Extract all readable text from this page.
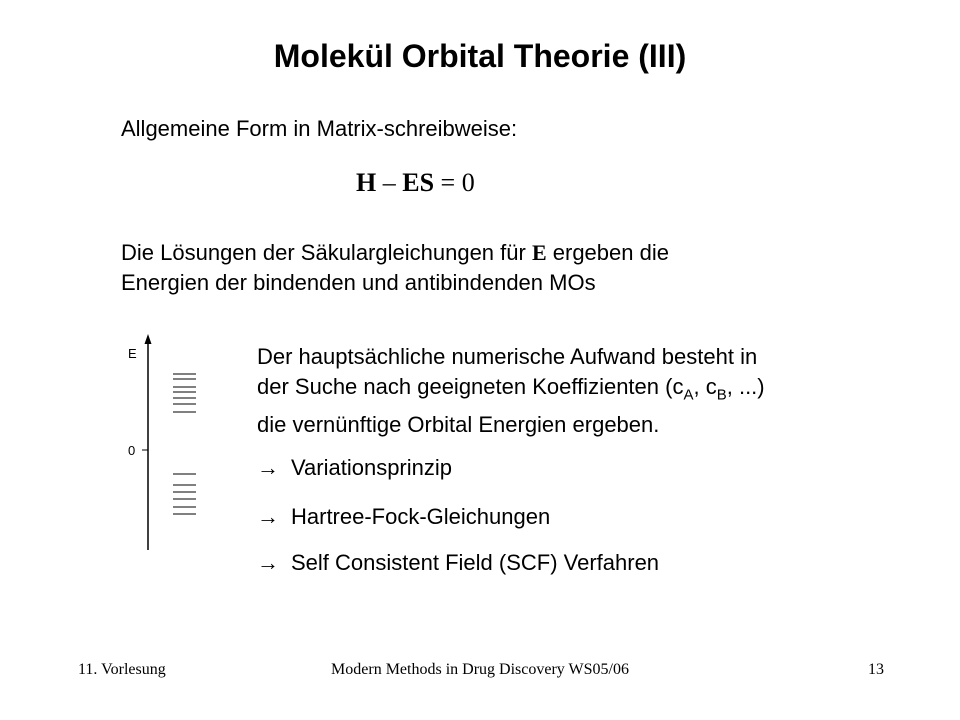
Molekül Orbital Theorie (III)
Allgemeine Form in Matrix-schreibweise:
H – ES = 0
Die Lösungen der Säkulargleichungen für E ergeben die
Energien der bindenden und antibindenden MOs
E
0
Der hauptsächliche numerische Aufwand besteht in
der Suche nach geeigneten Koeffizienten ($c_A$, $c_B$, ...)
die vernünftige Orbital Energien ergeben.
→ Variationsprinzip
→ Hartree-Fock-Gleichungen
→ Self Consistent Field (SCF) Verfahren
Modern Methods in Drug Discovery WS05/06
11. Vorlesung	13
